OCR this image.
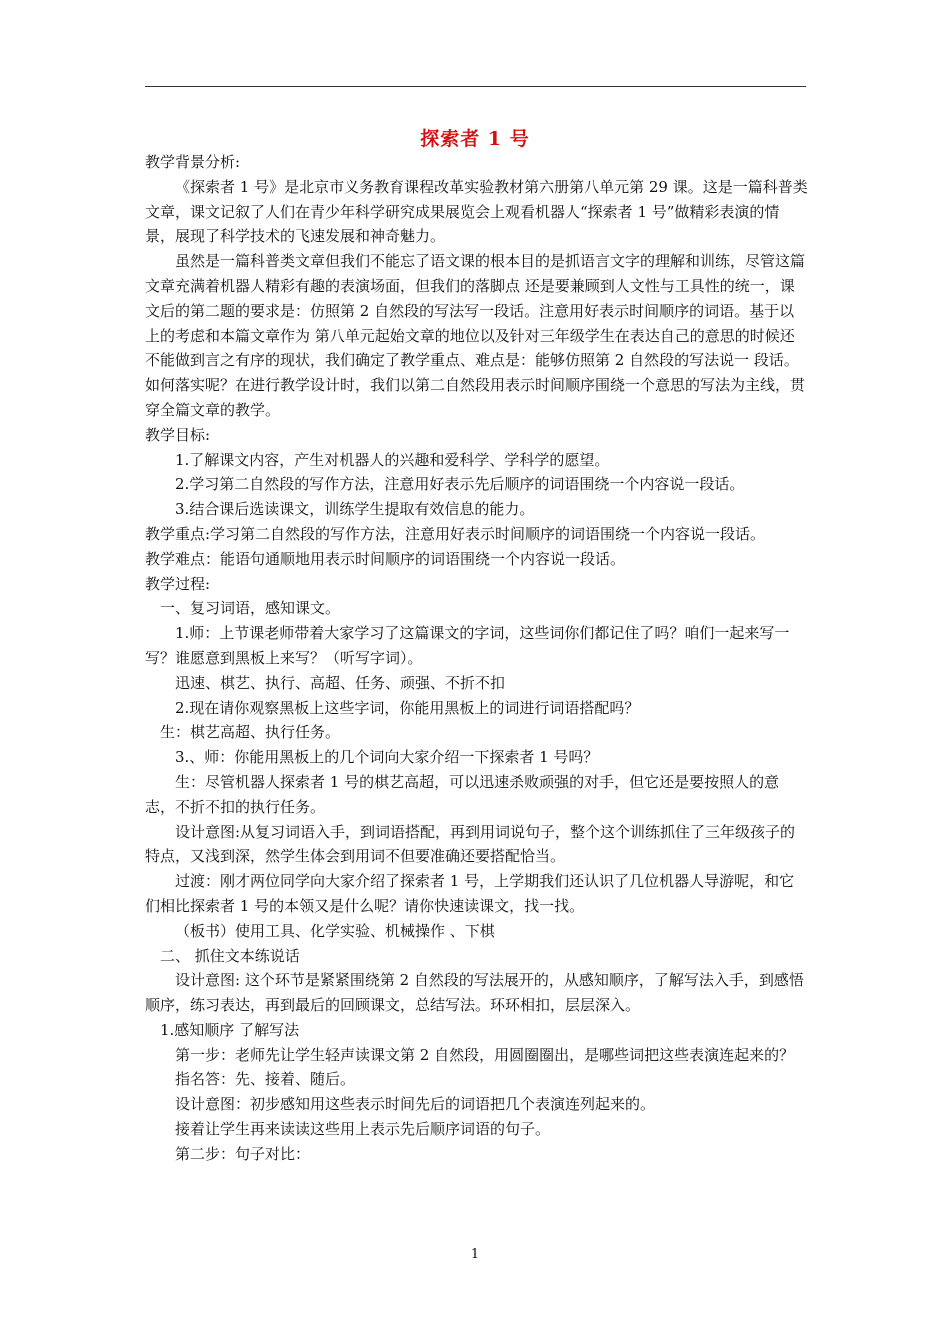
探索者 1 号

教学背景分析:

《探索者 1 号》是北京市义务教育课程改革实验教材第六册第八单元第 29 课。这是一篇科普类文章，课文记叙了人们在青少年科学研究成果展览会上观看机器人“探索者 1 号”做精彩表演的情景，展现了科学技术的飞速发展和神奇魅力。

虽然是一篇科普类文章但我们不能忘了语文课的根本目的是抓语言文字的理解和训练，尽管这篇文章充满着机器人精彩有趣的表演场面，但我们的落脚点 还是要兼顾到人文性与工具性的统一，课文后的第二题的要求是：仿照第 2 自然段的写法写一段话。注意用好表示时间顺序的词语。基于以上的考虑和本篇文章作为 第八单元起始文章的地位以及针对三年级学生在表达自己的意思的时候还不能做到言之有序的现状，我们确定了教学重点、难点是：能够仿照第 2 自然段的写法说一 段话。如何落实呢？在进行教学设计时，我们以第二自然段用表示时间顺序围绕一个意思的写法为主线，贯穿全篇文章的教学。

教学目标:

1.了解课文内容，产生对机器人的兴趣和爱科学、学科学的愿望。

2.学习第二自然段的写作方法，注意用好表示先后顺序的词语围绕一个内容说一段话。

3.结合课后选读课文，训练学生提取有效信息的能力。

教学重点:学习第二自然段的写作方法，注意用好表示时间顺序的词语围绕一个内容说一段话。

教学难点：能语句通顺地用表示时间顺序的词语围绕一个内容说一段话。

教学过程:

一、复习词语，感知课文。

1.师：上节课老师带着大家学习了这篇课文的字词，这些词你们都记住了吗？咱们一起来写一写？谁愿意到黑板上来写？（听写字词）。

迅速、棋艺、执行、高超、任务、顽强、不折不扣

2.现在请你观察黑板上这些字词，你能用黑板上的词进行词语搭配吗？

生：棋艺高超、执行任务。

3.、师：你能用黑板上的几个词向大家介绍一下探索者 1 号吗？

生：尽管机器人探索者 1 号的棋艺高超，可以迅速杀败顽强的对手，但它还是要按照人的意志，不折不扣的执行任务。

设计意图:从复习词语入手，到词语搭配，再到用词说句子，整个这个训练抓住了三年级孩子的特点，又浅到深，然学生体会到用词不但要准确还要搭配恰当。

过渡：刚才两位同学向大家介绍了探索者 1 号，上学期我们还认识了几位机器人导游呢，和它们相比探索者 1 号的本领又是什么呢？请你快速读课文，找一找。

（板书）使用工具、化学实验、机械操作 、下棋

二、 抓住文本练说话

设计意图: 这个环节是紧紧围绕第 2 自然段的写法展开的，从感知顺序，了解写法入手，到感悟顺序，练习表达，再到最后的回顾课文，总结写法。环环相扣，层层深入。

1.感知顺序 了解写法

第一步：老师先让学生轻声读课文第 2 自然段，用圆圈圈出，是哪些词把这些表演连起来的？

指名答：先、接着、随后。

设计意图：初步感知用这些表示时间先后的词语把几个表演连列起来的。

接着让学生再来读读这些用上表示先后顺序词语的句子。

第二步：句子对比：

1
